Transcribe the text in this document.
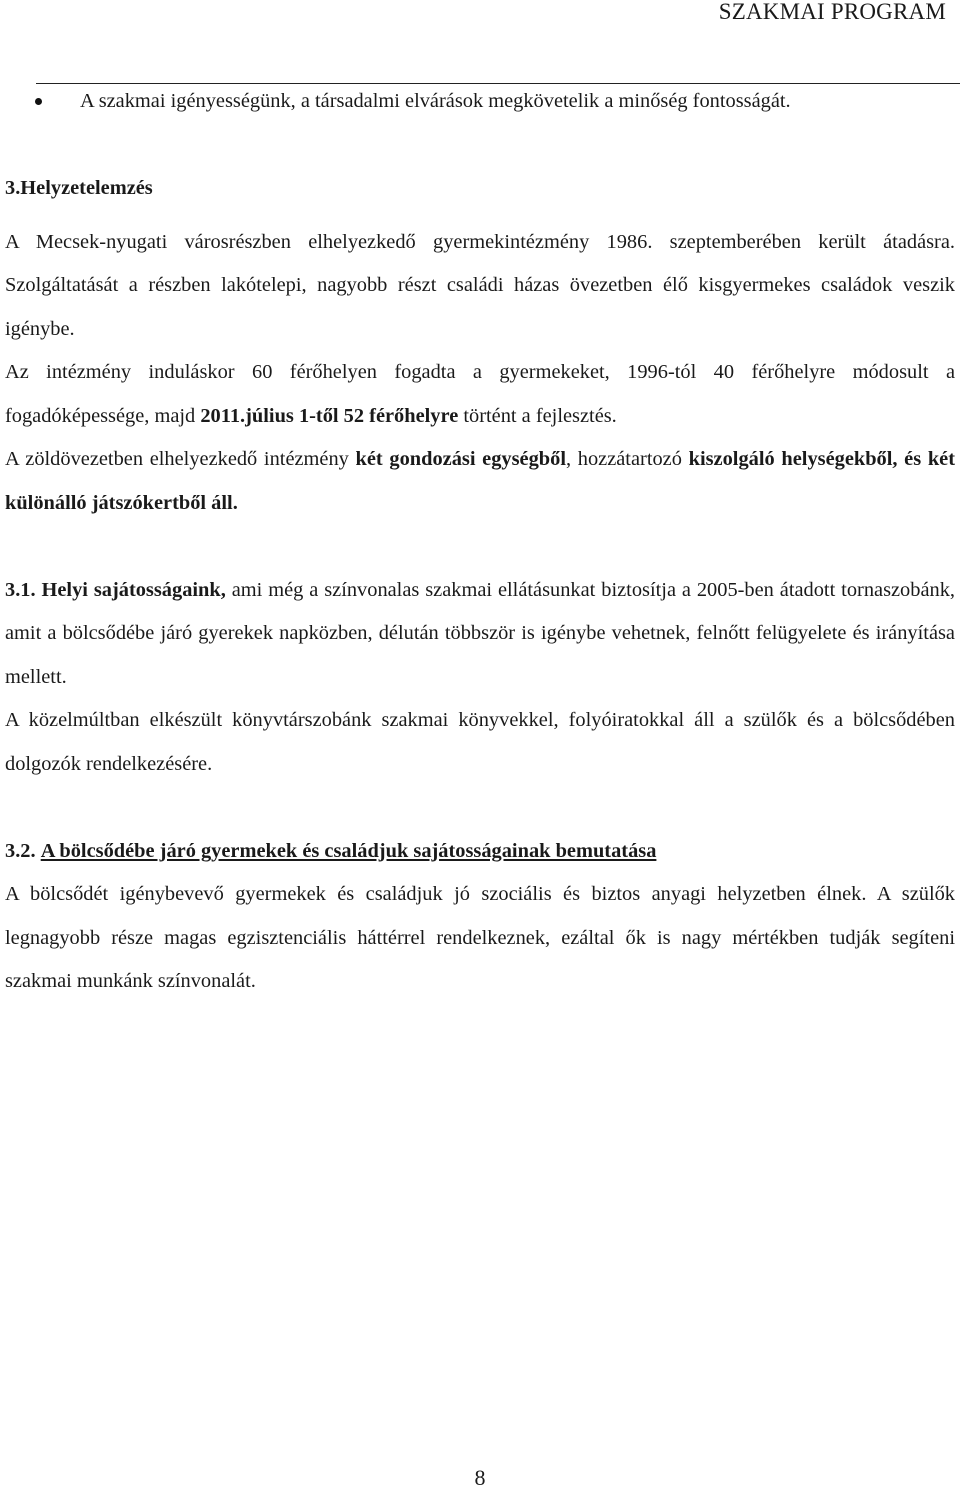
SZAKMAI PROGRAM

A szakmai igényességünk, a társadalmi elvárások megkövetelik a minőség fontosságát.

3.Helyzetelemzés

A Mecsek-nyugati városrészben elhelyezkedő gyermekintézmény 1986. szeptemberében került átadásra. Szolgáltatását a részben lakótelepi, nagyobb részt családi házas övezetben élő kisgyermekes családok veszik igénybe.

Az intézmény induláskor 60 férőhelyen fogadta a gyermekeket, 1996-tól 40 férőhelyre módosult a fogadóképessége, majd 2011.július 1-től 52 férőhelyre történt a fejlesztés.

A zöldövezetben elhelyezkedő intézmény két gondozási egységből, hozzátartozó kiszolgáló helységekből, és két különálló játszókertből áll.

3.1. Helyi sajátosságaink, ami még a színvonalas szakmai ellátásunkat biztosítja a 2005-ben átadott tornaszobánk, amit a bölcsődébe járó gyerekek napközben, délután többször is igénybe vehetnek, felnőtt felügyelete és irányítása mellett.

A közelmúltban elkészült könyvtárszobánk szakmai könyvekkel, folyóiratokkal áll a szülők és a bölcsődében dolgozók rendelkezésére.

3.2. A bölcsődébe járó gyermekek és családjuk sajátosságainak bemutatása

A bölcsődét igénybevevő gyermekek és családjuk jó szociális és biztos anyagi helyzetben élnek. A szülők legnagyobb része magas egzisztenciális háttérrel rendelkeznek, ezáltal ők is nagy mértékben tudják segíteni szakmai munkánk színvonalát.

8
